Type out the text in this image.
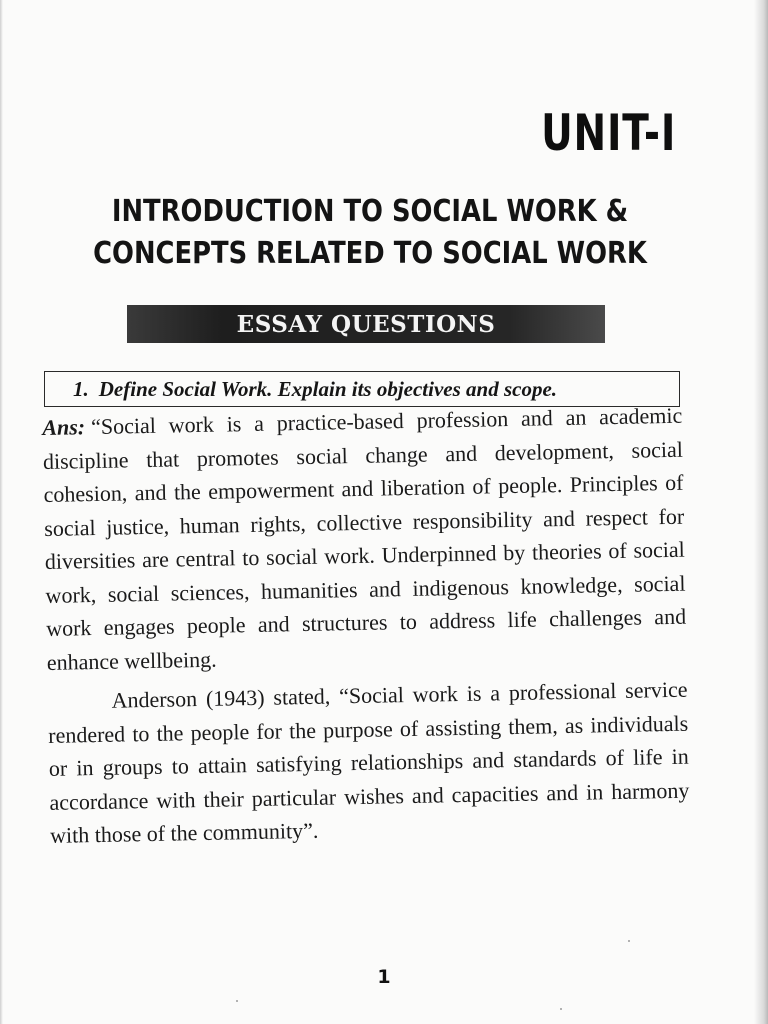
UNIT-I
INTRODUCTION TO SOCIAL WORK &
CONCEPTS RELATED TO SOCIAL WORK
ESSAY QUESTIONS
1. Define Social Work. Explain its objectives and scope.

Ans: “Social work is a practice-based profession and an academic discipline that promotes social change and development, social cohesion, and the empowerment and liberation of people. Principles of social justice, human rights, collective responsibility and respect for diversities are central to social work. Underpinned by theories of social work, social sciences, humanities and indigenous knowledge, social work engages people and structures to address life challenges and enhance wellbeing.

Anderson (1943) stated, “Social work is a professional service rendered to the people for the purpose of assisting them, as individuals or in groups to attain satisfying relationships and standards of life in accordance with their particular wishes and capacities and in harmony with those of the community”.

1
